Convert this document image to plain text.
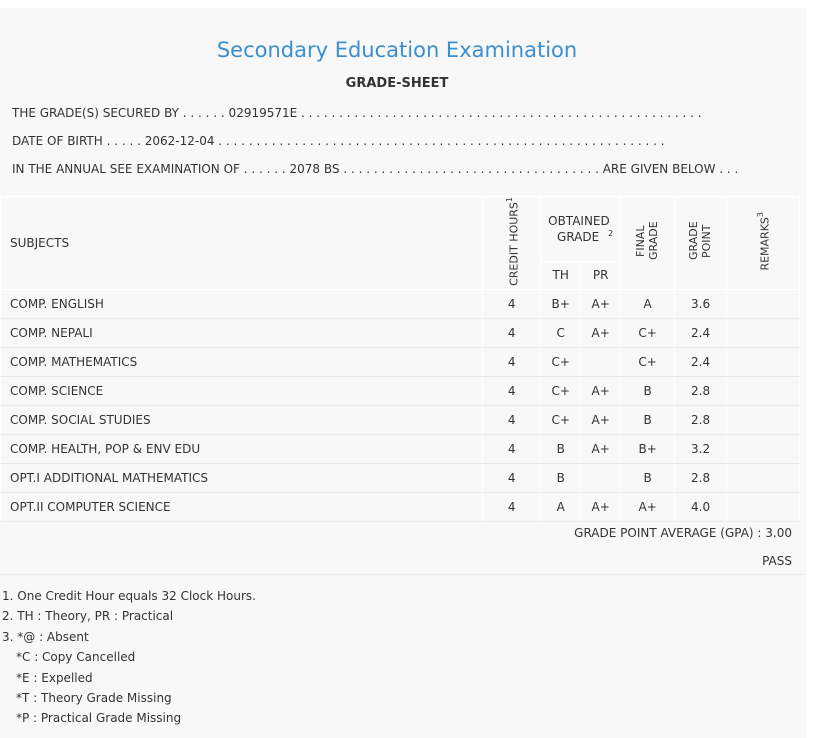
Secondary Education Examination
GRADE-SHEET
THE GRADE(S) SECURED BY . . . . . . 02919571E . . . . . . . . . . . . . . . . . . . . . . . . . . . . . . . . . . . . . . . . . . . . . . . . . . . . .
DATE OF BIRTH . . . . . 2062-12-04 . . . . . . . . . . . . . . . . . . . . . . . . . . . . . . . . . . . . . . . . . . . . . . . . . . . . . . . . . . .
IN THE ANNUAL SEE EXAMINATION OF . . . . . . 2078 BS . . . . . . . . . . . . . . . . . . . . . . . . . . . . . . . . . . ARE GIVEN BELOW . . .
SUBJECTS	CREDIT HOURS$^1$	OBTAINED GRADE $^2$		FINAL GRADE	GRADE POINT	REMARKS$^3$
		TH	PR			
COMP. ENGLISH	4	B+	A+	A	3.6	
COMP. NEPALI	4	C	A+	C+	2.4	
COMP. MATHEMATICS	4	C+		C+	2.4	
COMP. SCIENCE	4	C+	A+	B	2.8	
COMP. SOCIAL STUDIES	4	C+	A+	B	2.8	
COMP. HEALTH, POP & ENV EDU	4	B	A+	B+	3.2	
OPT.I ADDITIONAL MATHEMATICS	4	B		B	2.8	
OPT.II COMPUTER SCIENCE	4	A	A+	A+	4.0	
GRADE POINT AVERAGE (GPA) : 3.00
PASS
1. One Credit Hour equals 32 Clock Hours.
2. TH : Theory, PR : Practical
3. *@ : Absent
*C : Copy Cancelled
*E : Expelled
*T : Theory Grade Missing
*P : Practical Grade Missing
